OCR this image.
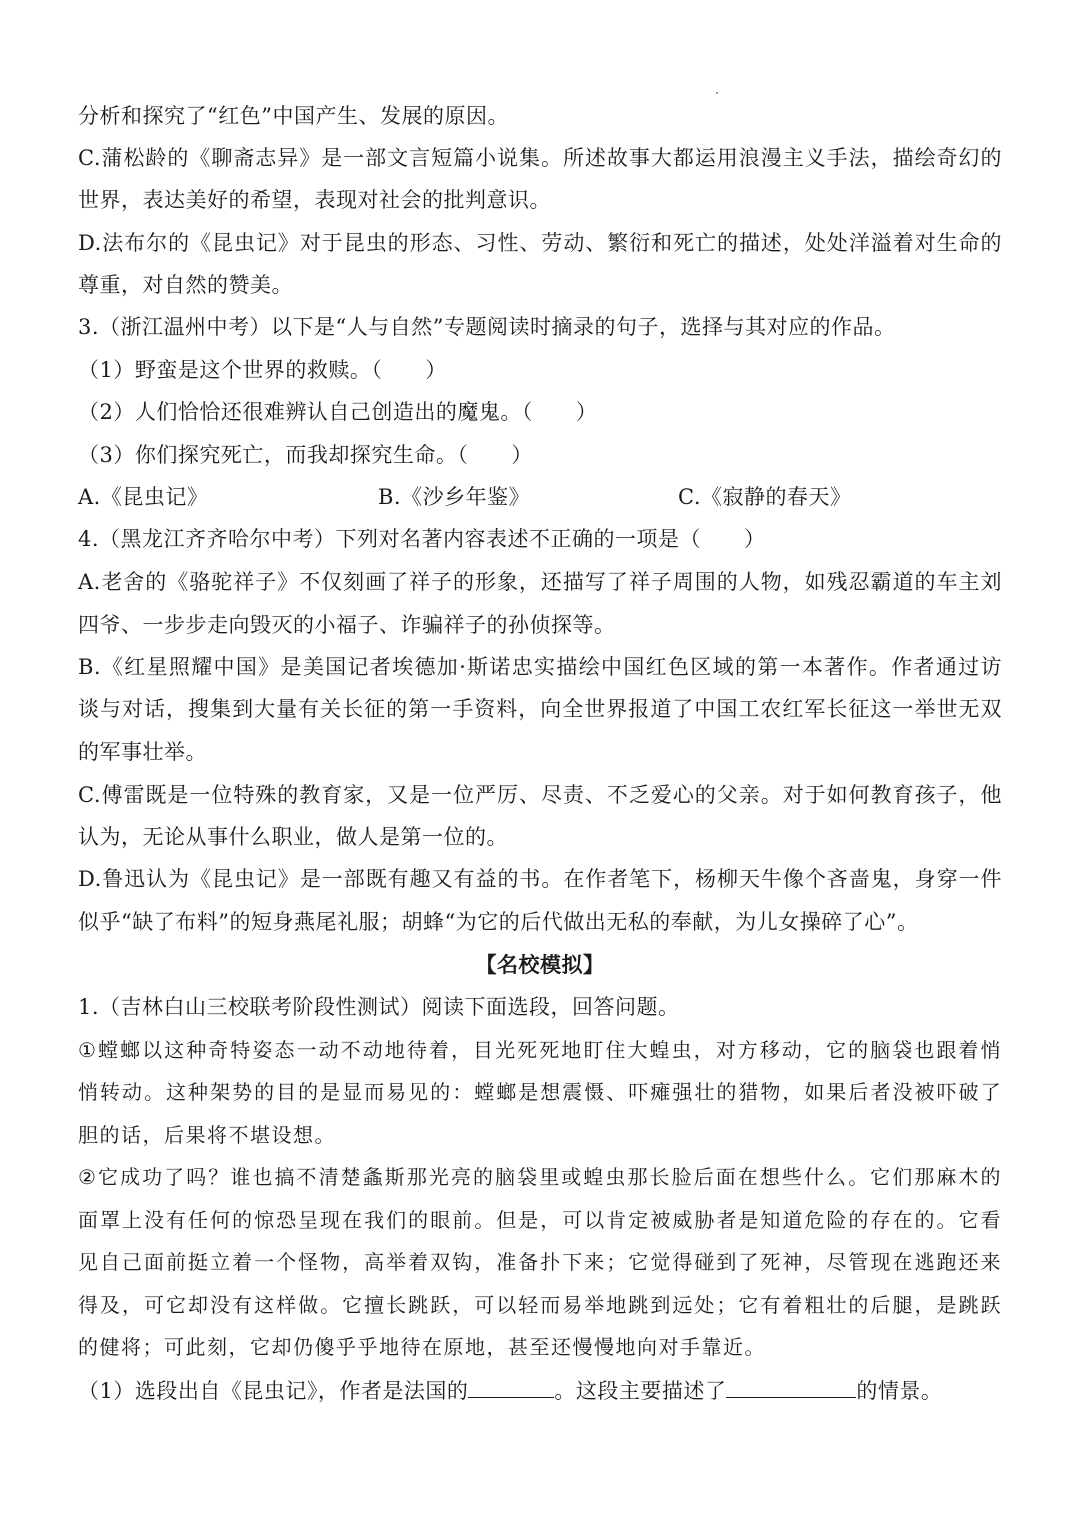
分析和探究了“红色”中国产生、发展的原因。
C.蒲松龄的《聊斋志异》是一部文言短篇小说集。所述故事大都运用浪漫主义手法，描绘奇幻的
世界，表达美好的希望，表现对社会的批判意识。
D.法布尔的《昆虫记》对于昆虫的形态、习性、劳动、繁衍和死亡的描述，处处洋溢着对生命的
尊重，对自然的赞美。
3.（浙江温州中考）以下是“人与自然”专题阅读时摘录的句子，选择与其对应的作品。
（1）野蛮是这个世界的救赎。（　　）
（2）人们恰恰还很难辨认自己创造出的魔鬼。（　　）
（3）你们探究死亡，而我却探究生命。（　　）
A.《昆虫记》	B.《沙乡年鉴》	C.《寂静的春天》
4.（黑龙江齐齐哈尔中考）下列对名著内容表述不正确的一项是（　　）
A.老舍的《骆驼祥子》不仅刻画了祥子的形象，还描写了祥子周围的人物，如残忍霸道的车主刘
四爷、一步步走向毁灭的小福子、诈骗祥子的孙侦探等。
B.《红星照耀中国》是美国记者埃德加·斯诺忠实描绘中国红色区域的第一本著作。作者通过访
谈与对话，搜集到大量有关长征的第一手资料，向全世界报道了中国工农红军长征这一举世无双
的军事壮举。
C.傅雷既是一位特殊的教育家，又是一位严厉、尽责、不乏爱心的父亲。对于如何教育孩子，他
认为，无论从事什么职业，做人是第一位的。
D.鲁迅认为《昆虫记》是一部既有趣又有益的书。在作者笔下，杨柳天牛像个吝啬鬼，身穿一件
似乎“缺了布料”的短身燕尾礼服；胡蜂“为它的后代做出无私的奉献，为儿女操碎了心”。
【名校模拟】
1.（吉林白山三校联考阶段性测试）阅读下面选段，回答问题。
①螳螂以这种奇特姿态一动不动地待着，目光死死地盯住大蝗虫，对方移动，它的脑袋也跟着悄
悄转动。这种架势的目的是显而易见的：螳螂是想震慑、吓瘫强壮的猎物，如果后者没被吓破了
胆的话，后果将不堪设想。
②它成功了吗？谁也搞不清楚螽斯那光亮的脑袋里或蝗虫那长脸后面在想些什么。它们那麻木的
面罩上没有任何的惊恐呈现在我们的眼前。但是，可以肯定被威胁者是知道危险的存在的。它看
见自己面前挺立着一个怪物，高举着双钩，准备扑下来；它觉得碰到了死神，尽管现在逃跑还来
得及，可它却没有这样做。它擅长跳跃，可以轻而易举地跳到远处；它有着粗壮的后腿，是跳跃
的健将；可此刻，它却仍傻乎乎地待在原地，甚至还慢慢地向对手靠近。
（1）选段出自《昆虫记》，作者是法国的	。这段主要描述了	的情景。
